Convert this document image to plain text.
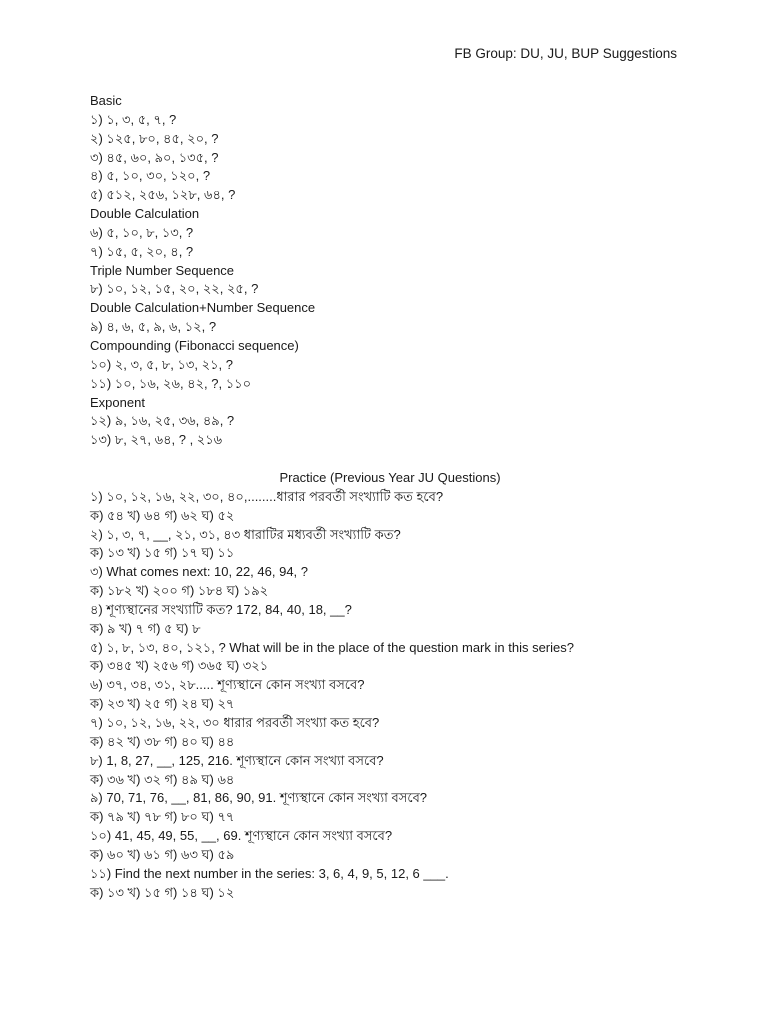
FB Group: DU, JU, BUP Suggestions
Basic
১) ১, ৩, ৫, ৭, ?
২) ১২৫, ৮০, ৪৫, ২০, ?
৩) ৪৫, ৬০, ৯০, ১৩৫, ?
৪) ৫, ১০, ৩০, ১২০, ?
৫) ৫১২, ২৫৬, ১২৮, ৬৪, ?
Double Calculation
৬) ৫, ১০, ৮, ১৩, ?
৭) ১৫, ৫, ২০, ৪, ?
Triple Number Sequence
৮) ১০, ১২, ১৫, ২০, ২২, ২৫, ?
Double Calculation+Number Sequence
৯) ৪, ৬, ৫, ৯, ৬, ১২, ?
Compounding (Fibonacci sequence)
১০) ২, ৩, ৫, ৮, ১৩, ২১, ?
১১) ১০, ১৬, ২৬, ৪২, ?, ১১০
Exponent
১২) ৯, ১৬, ২৫, ৩৬, ৪৯, ?
১৩) ৮, ২৭, ৬৪, ? , ২১৬
Practice (Previous Year JU Questions)
১) ১০, ১২, ১৬, ২২, ৩০, ৪০,........ধারার পরবর্তী সংখ্যাটি কত হবে?
ক) ৫৪ খ) ৬৪ গ) ৬২ ঘ) ৫২
২) ১, ৩, ৭, __, ২১, ৩১, ৪৩ ধারাটির মধ্যবর্তী সংখ্যাটি কত?
ক) ১৩ খ) ১৫ গ) ১৭ ঘ) ১১
৩) What comes next: 10, 22, 46, 94, ?
ক) ১৮২ খ) ২০০ গ) ১৮৪ ঘ) ১৯২
৪) শূণ্যস্থানের সংখ্যাটি কত? 172, 84, 40, 18, __?
ক) ৯ খ) ৭ গ) ৫ ঘ) ৮
৫) ১, ৮, ১৩, ৪০, ১২১, ? What will be in the place of the question mark in this series?
ক) ৩৪৫ খ) ২৫৬ গ) ৩৬৫ ঘ) ৩২১
৬) ৩৭, ৩৪, ৩১, ২৮..... শূণ্যস্থানে কোন সংখ্যা বসবে?
ক) ২৩ খ) ২৫ গ) ২৪ ঘ) ২৭
৭) ১০, ১২, ১৬, ২২, ৩০ ধারার পরবর্তী সংখ্যা কত হবে?
ক) ৪২ খ) ৩৮ গ) ৪০ ঘ) ৪৪
৮) 1, 8, 27, __, 125, 216. শূণ্যস্থানে কোন সংখ্যা বসবে?
ক) ৩৬ খ) ৩২ গ) ৪৯ ঘ) ৬৪
৯) 70, 71, 76, __, 81, 86, 90, 91. শূণ্যস্থানে কোন সংখ্যা বসবে?
ক) ৭৯ খ) ৭৮ গ) ৮০ ঘ) ৭৭
১০) 41, 45, 49, 55, __, 69. শূণ্যস্থানে কোন সংখ্যা বসবে?
ক) ৬০ খ) ৬১ গ) ৬৩ ঘ) ৫৯
১১) Find the next number in the series: 3, 6, 4, 9, 5, 12, 6 ___.
ক) ১৩ খ) ১৫ গ) ১৪ ঘ) ১২
